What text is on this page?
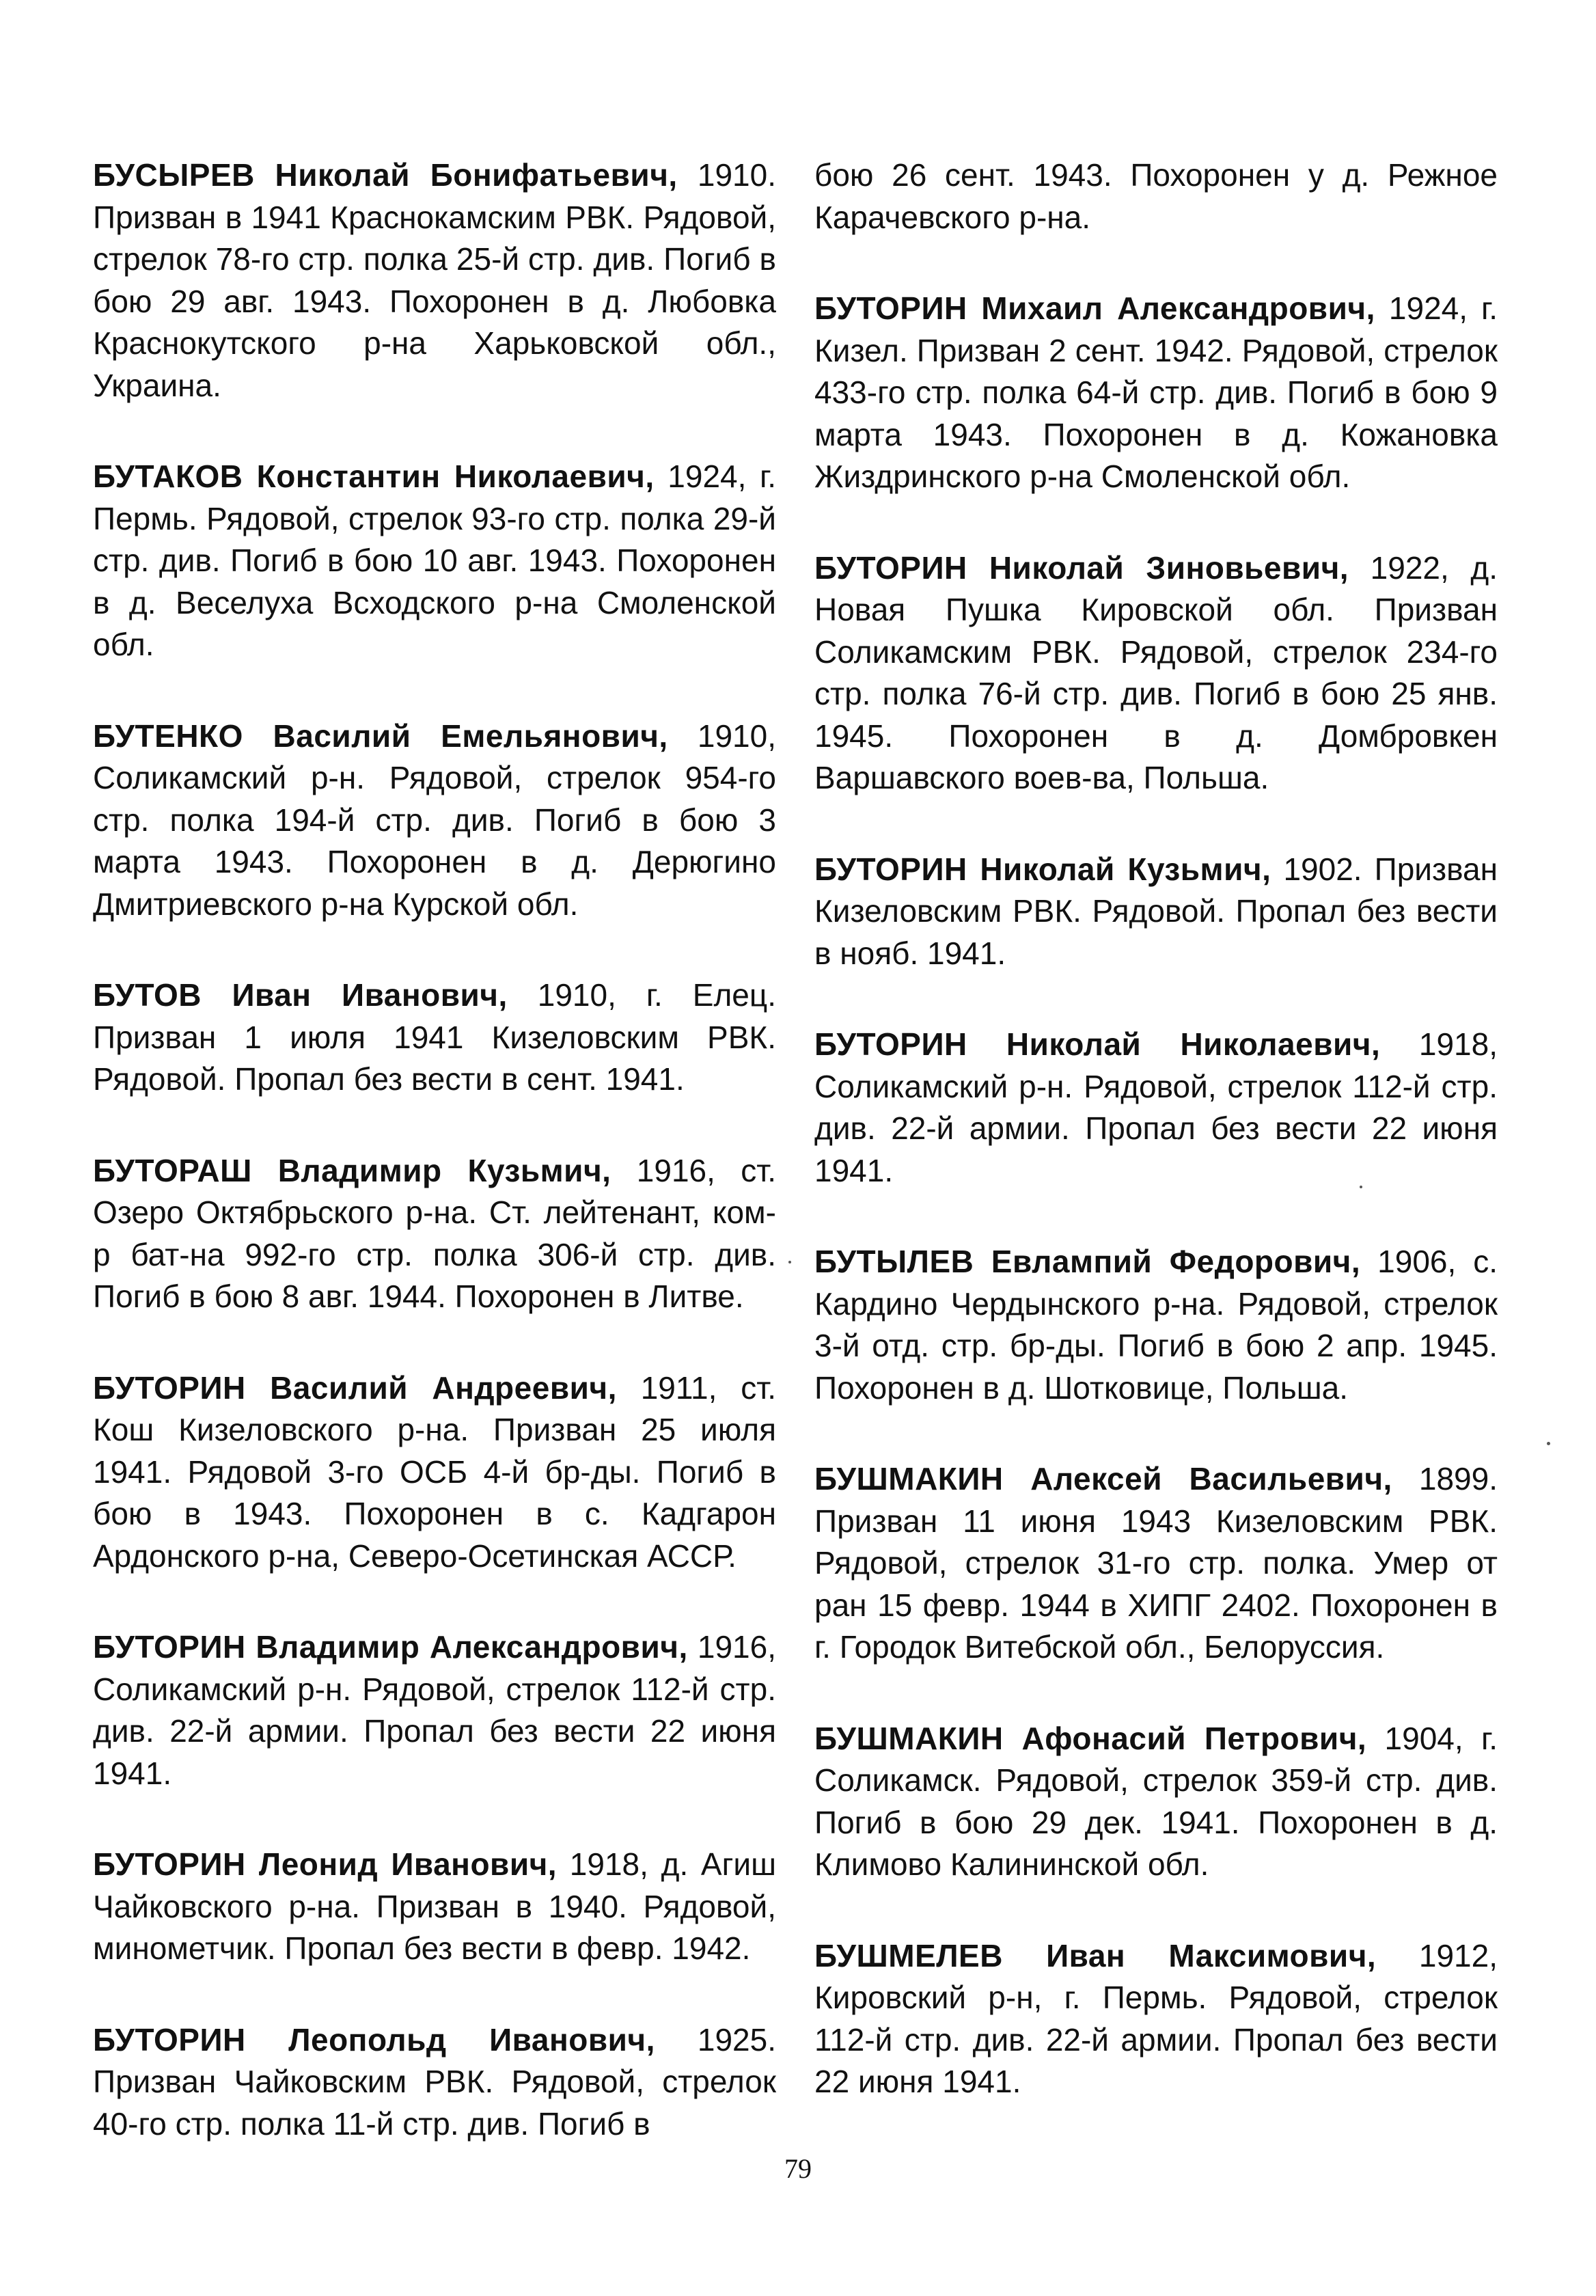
БУСЫРЕВ Николай Бонифатьевич, 1910. Призван в 1941 Краснокамским РВК. Рядовой, стрелок 78-го стр. полка 25-й стр. див. Погиб в бою 29 авг. 1943. Похоронен в д. Любовка Краснокутского р-на Харьковской обл., Украина.

БУТАКОВ Константин Николаевич, 1924, г. Пермь. Рядовой, стрелок 93-го стр. полка 29-й стр. див. Погиб в бою 10 авг. 1943. Похоронен в д. Веселуха Всходского р-на Смоленской обл.

БУТЕНКО Василий Емельянович, 1910, Соликамский р-н. Рядовой, стрелок 954-го стр. полка 194-й стр. див. Погиб в бою 3 марта 1943. Похоронен в д. Дерюгино Дмитриевского р-на Курской обл.

БУТОВ Иван Иванович, 1910, г. Елец. Призван 1 июля 1941 Кизеловским РВК. Рядовой. Пропал без вести в сент. 1941.

БУТОРАШ Владимир Кузьмич, 1916, ст. Озеро Октябрьского р-на. Ст. лейтенант, ком-р бат-на 992-го стр. полка 306-й стр. див. Погиб в бою 8 авг. 1944. Похоронен в Литве.

БУТОРИН Василий Андреевич, 1911, ст. Кош Кизеловского р-на. Призван 25 июля 1941. Рядовой 3-го ОСБ 4-й бр-ды. Погиб в бою в 1943. Похоронен в с. Кадгарон Ардонского р-на, Северо-Осетинская АССР.

БУТОРИН Владимир Александрович, 1916, Соликамский р-н. Рядовой, стрелок 112-й стр. див. 22-й армии. Пропал без вести 22 июня 1941.

БУТОРИН Леонид Иванович, 1918, д. Агиш Чайковского р-на. Призван в 1940. Рядовой, минометчик. Пропал без вести в февр. 1942.

БУТОРИН Леопольд Иванович, 1925. Призван Чайковским РВК. Рядовой, стрелок 40-го стр. полка 11-й стр. див. Погиб в

бою 26 сент. 1943. Похоронен у д. Режное Карачевского р-на.

БУТОРИН Михаил Александрович, 1924, г. Кизел. Призван 2 сент. 1942. Рядовой, стрелок 433-го стр. полка 64-й стр. див. Погиб в бою 9 марта 1943. Похоронен в д. Кожановка Жиздринского р-на Смоленской обл.

БУТОРИН Николай Зиновьевич, 1922, д. Новая Пушка Кировской обл. Призван Соликамским РВК. Рядовой, стрелок 234-го стр. полка 76-й стр. див. Погиб в бою 25 янв. 1945. Похоронен в д. Домбровкен Варшавского воев-ва, Польша.

БУТОРИН Николай Кузьмич, 1902. Призван Кизеловским РВК. Рядовой. Пропал без вести в нояб. 1941.

БУТОРИН Николай Николаевич, 1918, Соликамский р-н. Рядовой, стрелок 112-й стр. див. 22-й армии. Пропал без вести 22 июня 1941.

БУТЫЛЕВ Евлампий Федорович, 1906, с. Кардино Чердынского р-на. Рядовой, стрелок 3-й отд. стр. бр-ды. Погиб в бою 2 апр. 1945. Похоронен в д. Шотковице, Польша.

БУШМАКИН Алексей Васильевич, 1899. Призван 11 июня 1943 Кизеловским РВК. Рядовой, стрелок 31-го стр. полка. Умер от ран 15 февр. 1944 в ХИПГ 2402. Похоронен в г. Городок Витебской обл., Белоруссия.

БУШМАКИН Афонасий Петрович, 1904, г. Соликамск. Рядовой, стрелок 359-й стр. див. Погиб в бою 29 дек. 1941. Похоронен в д. Климово Калининской обл.

БУШМЕЛЕВ Иван Максимович, 1912, Кировский р-н, г. Пермь. Рядовой, стрелок 112-й стр. див. 22-й армии. Пропал без вести 22 июня 1941.

79
